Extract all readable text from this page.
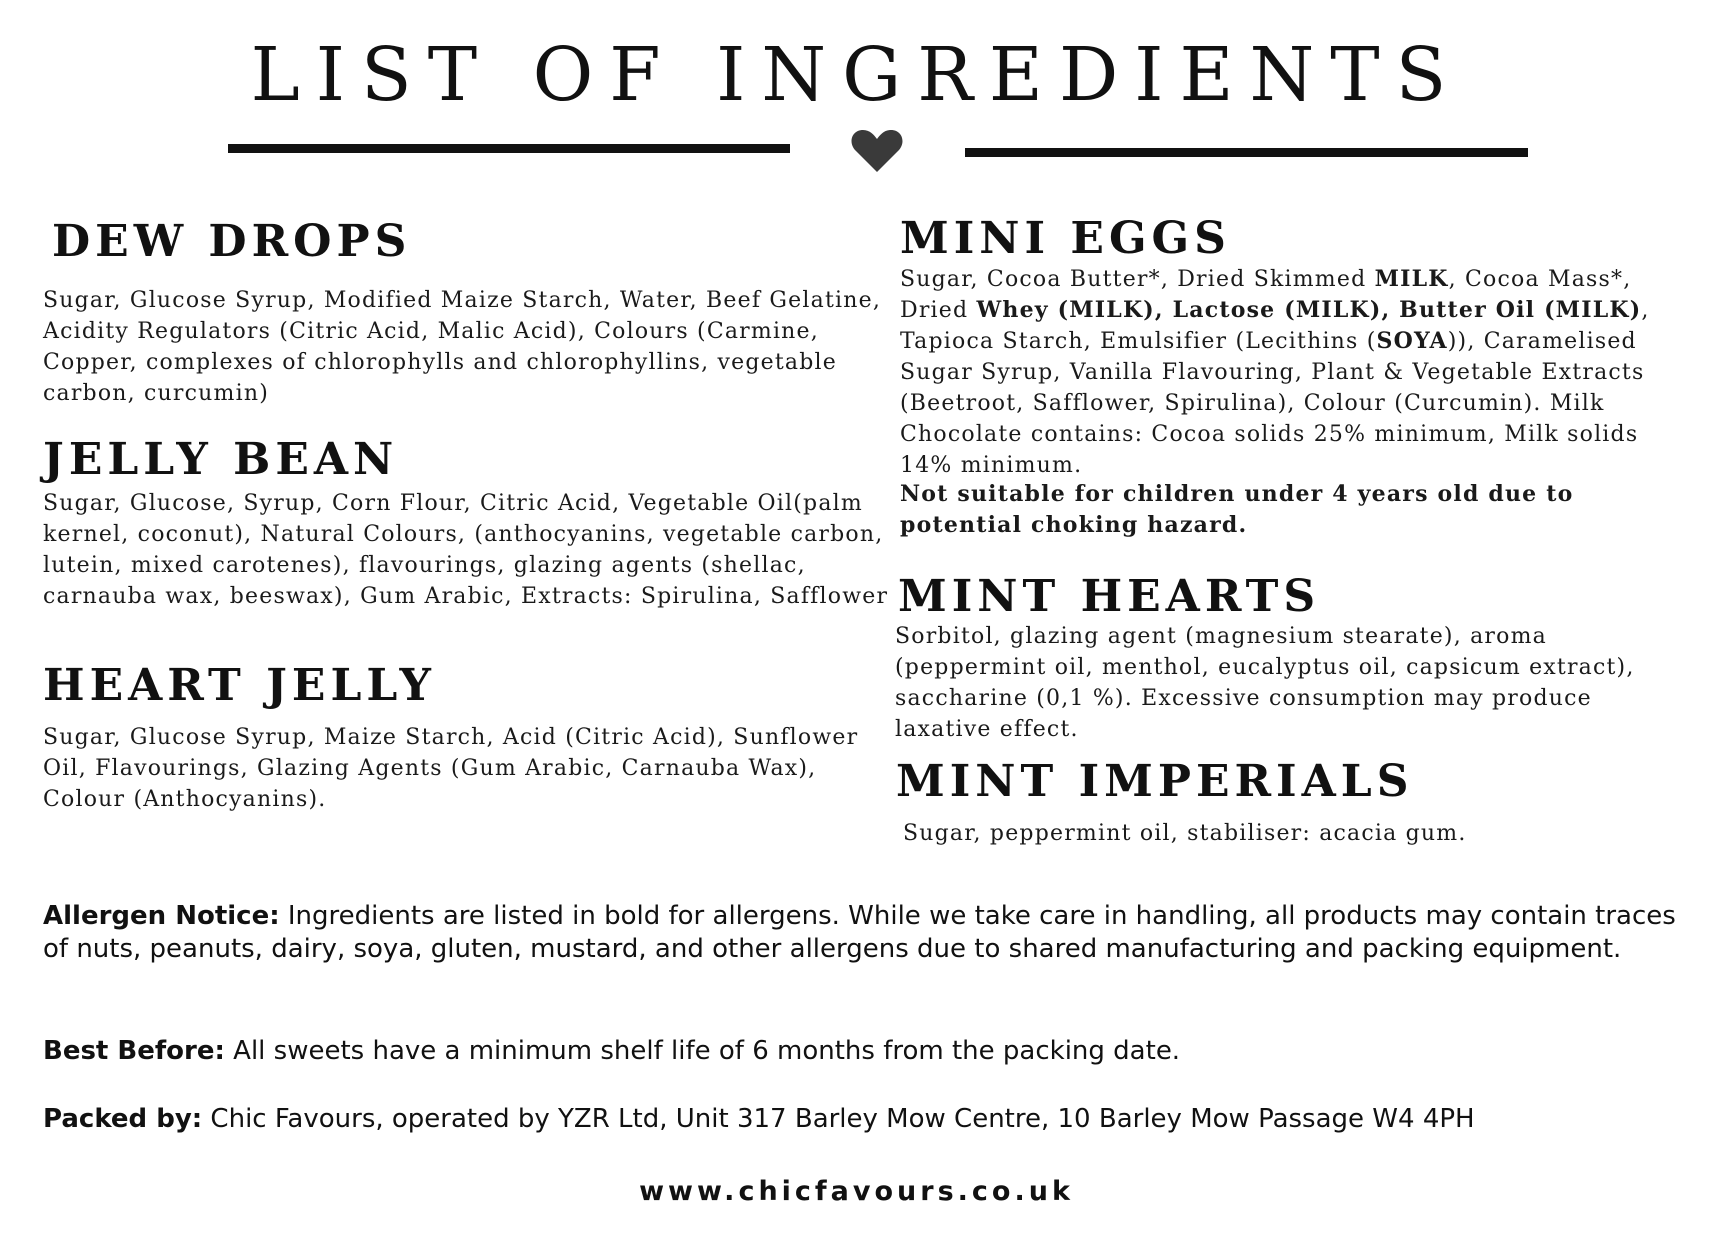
LIST OF INGREDIENTS
DEW DROPS
Sugar, Glucose Syrup, Modified Maize Starch, Water, Beef Gelatine, Acidity Regulators (Citric Acid, Malic Acid), Colours (Carmine, Copper, complexes of chlorophylls and chlorophyllins, vegetable carbon, curcumin)
JELLY BEAN
Sugar, Glucose, Syrup, Corn Flour, Citric Acid, Vegetable Oil(palm kernel, coconut), Natural Colours, (anthocyanins, vegetable carbon, lutein, mixed carotenes), flavourings, glazing agents (shellac, carnauba wax, beeswax), Gum Arabic, Extracts: Spirulina, Safflower
HEART JELLY
Sugar, Glucose Syrup, Maize Starch, Acid (Citric Acid), Sunflower Oil, Flavourings, Glazing Agents (Gum Arabic, Carnauba Wax), Colour (Anthocyanins).
MINI EGGS
Sugar, Cocoa Butter*, Dried Skimmed MILK, Cocoa Mass*, Dried Whey (MILK), Lactose (MILK), Butter Oil (MILK), Tapioca Starch, Emulsifier (Lecithins (SOYA)), Caramelised Sugar Syrup, Vanilla Flavouring, Plant & Vegetable Extracts (Beetroot, Safflower, Spirulina), Colour (Curcumin). Milk Chocolate contains: Cocoa solids 25% minimum, Milk solids 14% minimum.
Not suitable for children under 4 years old due to potential choking hazard.
MINT HEARTS
Sorbitol, glazing agent (magnesium stearate), aroma (peppermint oil, menthol, eucalyptus oil, capsicum extract), saccharine (0,1 %). Excessive consumption may produce laxative effect.
MINT IMPERIALS
Sugar, peppermint oil, stabiliser: acacia gum.
Allergen Notice: Ingredients are listed in bold for allergens. While we take care in handling, all products may contain traces of nuts, peanuts, dairy, soya, gluten, mustard, and other allergens due to shared manufacturing and packing equipment.
Best Before: All sweets have a minimum shelf life of 6 months from the packing date.
Packed by: Chic Favours, operated by YZR Ltd, Unit 317 Barley Mow Centre, 10 Barley Mow Passage W4 4PH
www.chicfavours.co.uk
